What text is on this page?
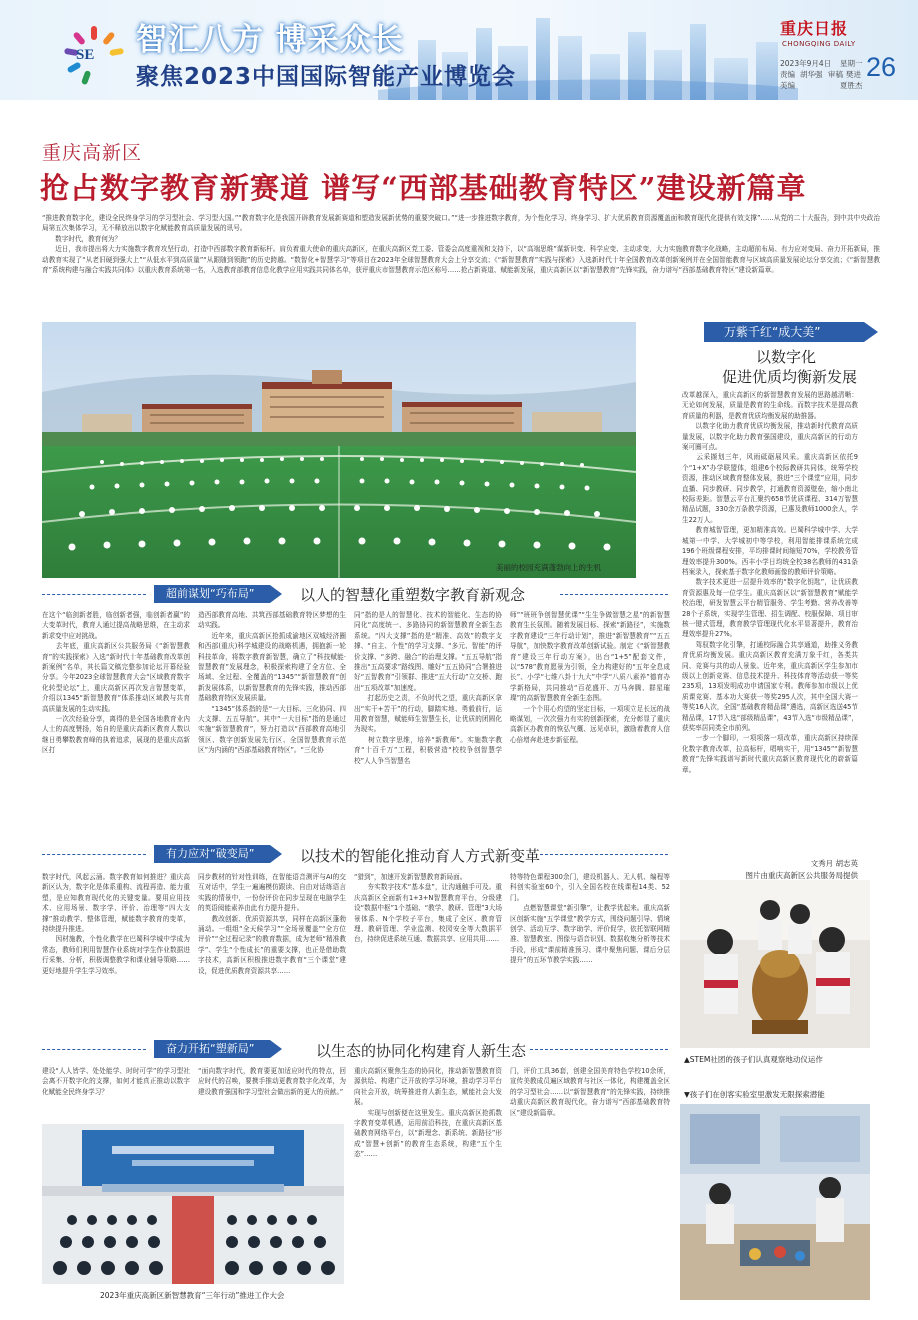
SE 智汇八方 博采众长
聚焦2023中国国际智能产业博览会
重庆日报
CHONGQING DAILY
2023年9月4日 星期一
责编 胡华强 审稿 樊进
美编	夏胜杰
26
重庆高新区
抢占数字教育新赛道 谱写“西部基础教育特区”建设新篇章
“推进教育数字化，建设全民终身学习的学习型社会、学习型大国。”“教育数字化是我国开辟教育发展新赛道和塑造发展新优势的重要突破口。”“进一步推进数字教育，为个性化学习、终身学习、扩大优质教育资源覆盖面和教育现代化提供有效支撑”……从党的二十大报告，到中共中央政治局第五次集体学习，无不释放出以数字化赋能教育高质量发展的讯号。
　　数字时代，教育何为？
　　近日，我市提出将大力实施数字教育攻坚行动，打造中西部数字教育新标杆。肩负着重大使命的重庆高新区，在重庆高新区党工委、管委会高度重视和支持下，以“高端思维”谋新识变、科学应变、主动求变，大力实施教育数字化战略，主动超前布局、有力应对变局、奋力开拓新局，推动教育实现了“从老旧硬到强大上”“从低水平到高质量”“从跟随到领跑”的历史跨越。“数智化+智慧学习”等项目在2023年全球智慧教育大会上分享交流；《“新智慧教育”实践与探索》入选新时代十年全国教育改革创新案例并在全国智能教育与区域高质量发展论坛分享交流；《“新智慧教育”系统构建与融合实践共同体》以重庆教育系统第一名，入选教育部教育信息化教学应用实践共同体名单，获评重庆市智慧教育示范区称号……抢占新赛道、赋能新发展，重庆高新区以“新智慧教育”先锋实践，奋力谱写“西部基础教育特区”建设新篇章。
美丽的校园充满蓬勃向上的生机
万紫千红“成大美”
以数字化
促进优质均衡新发展
改革越深入，重庆高新区的新智慧教育发展的思路越清晰：无论如何发展，质量是教育的生命线。而数字技术是提高教育质量的利器，是教育优质均衡发展的助推器。
　　以数字化助力教育优质均衡发展，推动新时代教育高质量发展，以数字化助力教育强国建设，重庆高新区的行动方案可圈可点。
　　云采撷划三年，风雨砥砺展风采。重庆高新区依托9个“1+X”办学联盟体，组建6个校际教研共同体，统筹学校资源，推动区域教育整体发展，推进“三个课堂”应用，同步直播、同步教研、同步教学，打通教育资源壁垒，缩小南北校际差距。智慧云平台汇聚约658节优质课程、314万智慧精品试题，330余万条教学资源，已惠及教师1000余人，学生22万人。
　　教育城智管理，更加精准高效。巴蜀科学城中学、大学城第一中学、大学城初中等学校，利用智能排课系统完成196个班级课程安排，平均排课时间缩短70%，学校教务管理效率提升300%。西丰小学日均统全校38名教师的431条档案录入，探索基于数字化教师画像的教师评价策略。
　　数字技术更进一层提升效率的“数字化钥匙”，让优质教育资源惠及每一位学生。重庆高新区以“新智慧教育”赋能学校治理，研发智慧云平台精管服务、学生考勤、营养改善等28个子系统，实现学生管理、招生调配、校服保障、项目审核一键式管理，教育教学管理现代化水平显著提升，教育治理效率提升27%。
　　驾驭数字化引擎，打通校际融合共享通道，助推义务教育优质均衡发展。重庆高新区教育充满万象千红，各类共同、竞赛与共的动人景象。近年来，重庆高新区学生参加市级以上创新竞赛、信息技术提升、科技体育等活动获一等奖235项，13项发明成功申请国家专利。教师参加市级以上优质课竞赛、基本功大赛获一等奖295人次，其中全国大赛一等奖16人次，全国“基础教育精品课”遴选，高新区选送45节精品课，17节入选“部级精品课”，43节入选“市级精品课”，获奖率居同类全市前列。
　　一步一个脚印，一项项落一项改革，重庆高新区持续深化数字教育改革，拉高标杆，唱响实干，用“1345”“新智慧教育”先锋实践谱写新时代重庆高新区教育现代化的崭新篇章。
文秀月 胡志英
图片由重庆高新区公共服务局提供
▲STEM社团的孩子们认真观察地动仪运作
▼孩子们在创客实验室里激发无限探索潜能
超前谋划“巧布局”	以人的智慧化重塑数字教育新观念
在这个“临剑新者胜，临创新者强，临创新者赢”的大变革时代，教育人通过提高战略思维，在主动求新求变中应对挑战。
　　去年底，重庆高新区公共服务局《“新智慧教育”的实践探索》入选“新时代十年基础教育改革创新案例”名单，其长篇文稿完整参加论坛开幕经验分享。今年2023全球智慧教育大会“区域教育数字化转型论坛”上，重庆高新区再次发言智慧变革，介绍以1345“新智慧教育”体系推动区域教与共育高质量发展的生动实践。
　　一次次经验分享，离得的是全国各地教育业内人士的高度赞扬，始自的是重庆高新区教育人数以继日勇攀数教育峰的执着追求，展现的是重庆高新区打
造西部教育高地、共筑西部基础教育特区梦想的生动实践。
　　近年来，重庆高新区抢抓成渝地区双城经济圈和西部(重庆)科学城建设的战略机遇，拥抱新一轮科技革命，将数字教育新智慧，确立了“科技赋能·智慧教育”发展理念，积极探索构建了全方位、全场域、全过程、全覆盖的“1345”“新智慧教育”创新发展体系，以新智慧教育的先锋实践，推动西部基础教育特区发展质量。
　　“1345”体系指的是“一大目标、三化协同、四大支撑、五五导航”。其中“一大目标”指的是通过实施“新智慧教育”，努力打造以“西部教育高地引领区、数字创新发展先行区、全国智慧教育示范区”为内涵的“西部基础教育特区”。“三化协
同”指的是人的智慧化、技术的智能化、生态的协同化“高度统一、多路协同的新智慧教育全新生态系统。“四大支撑”指的是“精准、高效”的数字支撑、“自主、个性”的学习支撑、“多元、智能”的评价支撑、“多跨、融合”的治理支撑。“五五导航”指推出“五高要求”路线图、雕好“五五协同”合署推进好“五智教育”引领群、推进“五大行动”立交桥、跑出“五项改革”加速度。
　　打起历史之责，不负时代之望，重庆高新区拿出“实干+苦干”的行动，脚踏实地、勇毅前行，运用教育智慧，赋能师生智慧生长，让优质的团圆化为现实。
　　树立数字思维，培养“新教师”。实施数字教育“十百千万”工程，积极营造“校校争创智慧学校”人人争当智慧名
师”“班班争创智慧优课”“生生争做智慧之星”的新智慧教育生长氛围。随着发展目标、探索“新路径”，实施数字教育建设“三年行动计划”，推进“新智慧教育”“五五导航”，加快数字教育改革创新试验。制定《“新智慧教育”建设三年行动方案》，出台“1+5”配套文件，以“578”教育愿景为引领，全力构建好的“五年全息成长”、小学“七维八卦十九大”中学“八质八素养”德育办学新格局，共同推动“百花盛开、万马奔腾、群星璀璨”的高新智慧教育全新生态图。
　　一个个用心灼望的坚定目标，一项项立足长远的战略谋划，一次次强力有实的创新探索，充分彰显了重庆高新区办教育的恢弘气概、远见卓识，激励着教育人信心倍增奔赴进步新征程。
有力应对“破变局”	以技术的智能化推动育人方式新变革
数字时代，风起云涌。数字教育如何推进？重庆高新区认为，数字化是体系重构、流程再造、能力重塑，是应知教育现代化的关键变量。要用应用技术、应用场景、数字学、评价、治理等“四大支撑”推动教学、整体管理，赋能数字教育的变革，持续提升推进。
　　因材施教，个性化教学在巴蜀科学城中学成为常态，教师们利用智慧作业系统对学生作业数据进行采集、分析，积极调整教学和课业辅导策略……更好地提升学生学习效率。
同步教材的针对性训练，在智能语音测评与AI的交互对话中，学生一遍遍模仿跟读、自由对话练语言实践的情景中，一份份评价在同步呈现在电脑学生的英语阅能素养由此有力提升提升。
　　教改创新、优质资源共享，同样在高新区蓬勃涌动。一组组“全天候学习”“全场景覆盖”“全方位评价”“全过程记录”的教育数据，成为老师“精准教学”、学生“个性成长”的重要支撑，也正是借助数字技术，高新区积极推进数字教育“三个课堂”建设，促进优质教育资源共享……
“猎到”，加速开发新智慧教育新局面。
　　夯实数字技术“基本盘”，让沟通触手可及。重庆高新区全面新有1+3+N智慧教育平台，分级建设“数据中枢”1个基础、“教学、教研、管理”3大场景体系、N个学校子平台，集成了全区、教育管理、教研管理、学业监测、校园安全等大数据平台，持续促进系统互通、数据共享、应用共用……
特等特色课程300余门，建设机器人、无人机、编程等科创实验室60个，引入全国名校在线课程14类、52门。
　　点燃智慧课堂“新引擎”，让教学优起来。重庆高新区创新实施“五学课堂”教学方式，围绕问题引导、情境创学、活动互学、数字助学、评价促学，依托智联网精准、智慧教室、图像与语音识别、数据收集分析等技术手段，形成“课前精准预习、课中聚焦问题、课后分层提升”的五环节教学实践……
奋力开拓“塑新局”	以生态的协同化构建育人新生态
建设“人人皆学、处处能学、时时可学”的学习型社会离不开数字化的支撑，如何才能真正推动以数字化赋能全民终身学习？
“面向数字时代，教育要更加适应时代的特点，回应时代的召唤，要携手推动更教育数字化改革，为建设教育强国和学习型社会做出新的更大的贡献。”
重庆高新区聚焦生态的协同化，推动新智慧教育资源供给、构建广泛开放的学习环境，推动学习平台向社会开放，统筹推进育人新生态，赋能社会大发展。
　　实现与创新便在这里发生。重庆高新区抢抓数字教育变革机遇，运用前沿科技，在重庆高新区基础教育网络平台，以“新理念、新系统、新路径”形成“智慧+创新”的教育生态系统，构建“五个生态”……
门，评价工具36套，创建全国美育特色学校10余所，宣传美教成员遍区域教育与社区一体化，构建覆盖全区的学习型社会……以“新智慧教育”的先锋实践，持续推动重庆高新区教育现代化，奋力谱写“西部基础教育特区”建设新篇章。
2023年重庆高新区新智慧教育“三年行动”推进工作大会
